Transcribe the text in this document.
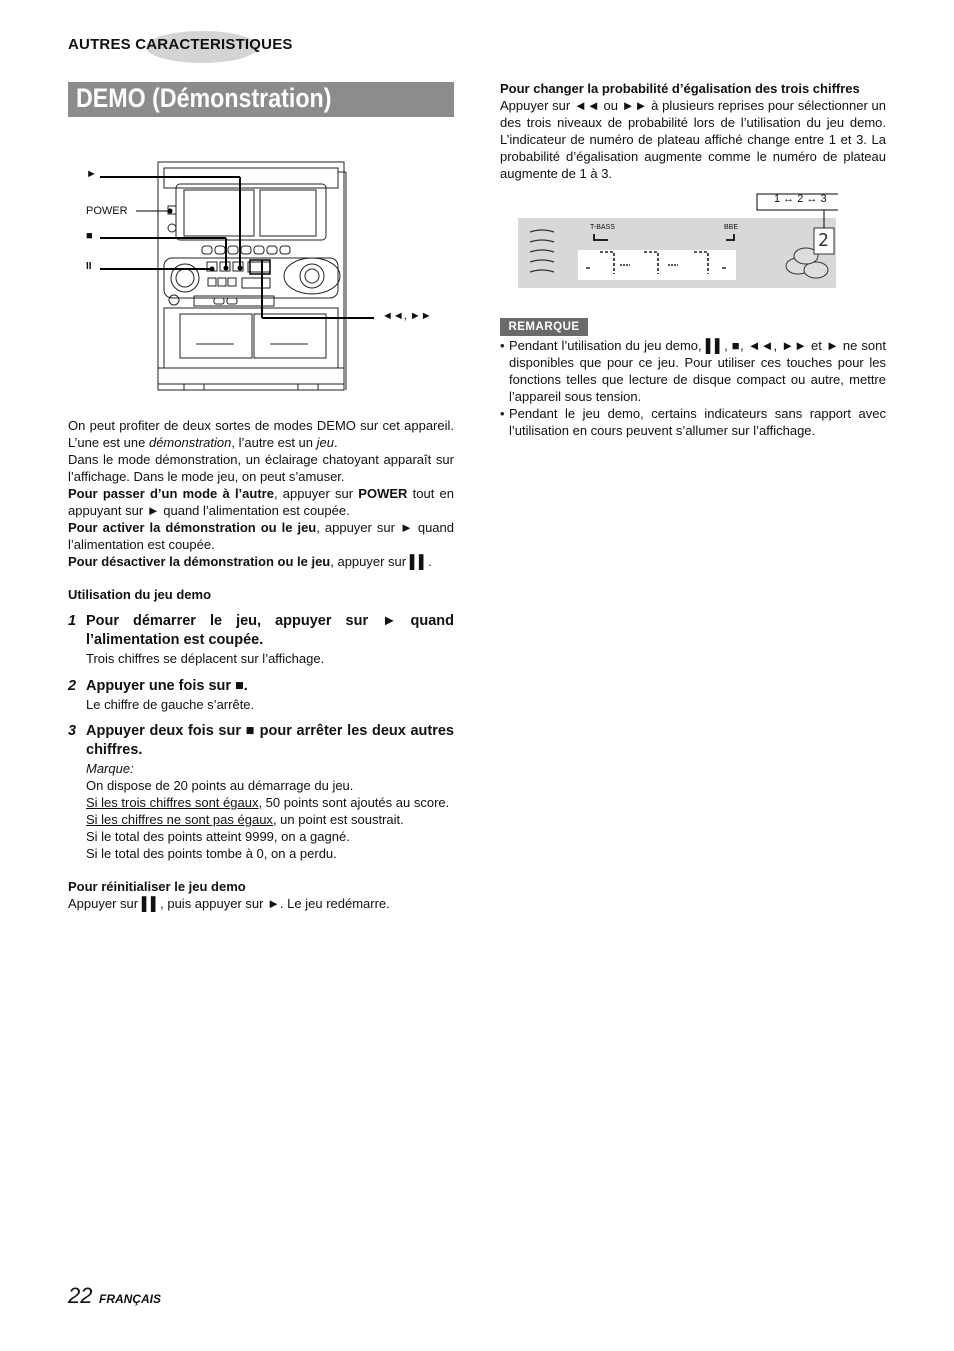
AUTRES CARACTERISTIQUES
DEMO (Démonstration)
►
POWER
■
II
◄◄, ►►
On peut profiter de deux sortes de modes DEMO sur cet appareil. L’une est une démonstration, l’autre est un jeu.
Dans le mode démonstration, un éclairage chatoyant apparaît sur l’affichage. Dans le mode jeu, on peut s’amuser.
Pour passer d’un mode à l’autre, appuyer sur POWER tout en appuyant sur ► quand l’alimentation est coupée.
Pour activer la démonstration ou le jeu, appuyer sur ► quand l’alimentation est coupée.
Pour désactiver la démonstration ou le jeu, appuyer sur ▌▌.
Utilisation du jeu demo
1 Pour démarrer le jeu, appuyer sur ► quand l’alimentation est coupée.
Trois chiffres se déplacent sur l’affichage.
2 Appuyer une fois sur ■.
Le chiffre de gauche s’arrête.
3 Appuyer deux fois sur ■ pour arrêter les deux autres chiffres.
Marque:
On dispose de 20 points au démarrage du jeu.
Si les trois chiffres sont égaux, 50 points sont ajoutés au score.
Si les chiffres ne sont pas égaux, un point est soustrait.
Si le total des points atteint 9999, on a gagné.
Si le total des points tombe à 0, on a perdu.
Pour réinitialiser le jeu demo
Appuyer sur ▌▌, puis appuyer sur ►. Le jeu redémarre.
Pour changer la probabilité d’égalisation des trois chiffres
Appuyer sur ◄◄ ou ►► à plusieurs reprises pour sélectionner un des trois niveaux de probabilité lors de l’utilisation du jeu demo. L’indicateur de numéro de plateau affiché change entre 1 et 3. La probabilité d’égalisation augmente comme le numéro de plateau augmente de 1 à 3.
1 ↔ 2 ↔ 3
T-BASS	BBE
2
REMARQUE
• Pendant l’utilisation du jeu demo, ▌▌, ■, ◄◄, ►► et ► ne sont disponibles que pour ce jeu. Pour utiliser ces touches pour les fonctions telles que lecture de disque compact ou autre, mettre l’appareil sous tension.
• Pendant le jeu demo, certains indicateurs sans rapport avec l’utilisation en cours peuvent s’allumer sur l’affichage.
22 FRANÇAIS
